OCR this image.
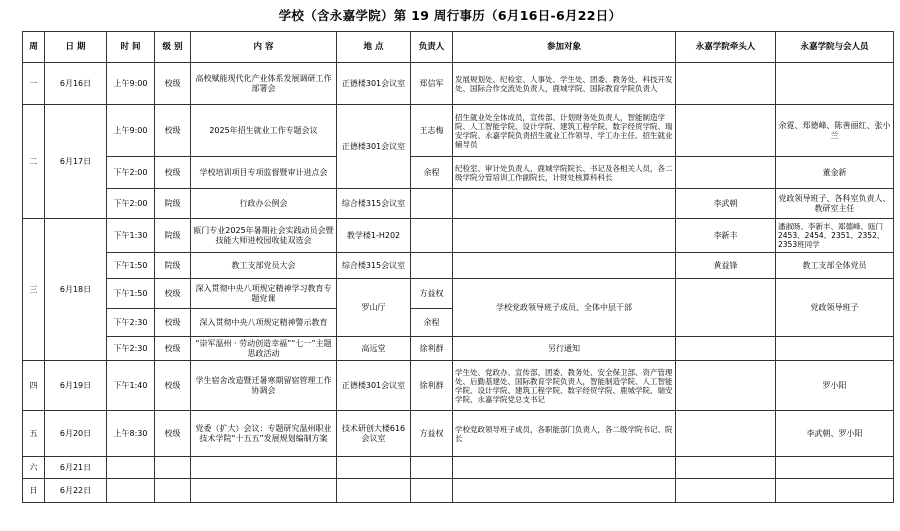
学校（含永嘉学院）第 19 周行事历（6月16日-6月22日）
周	日 期	时 间	级 别	内 容	地 点	负责人	参加对象	永嘉学院牵头人	永嘉学院与会人员
一	6月16日	上午9:00	校级	高校赋能现代化产业体系发展调研工作部署会	正德楼301会议室	郑信军	发展规划处、纪检室、人事处、学生处、团委、教务处、科技开发处、国际合作交流处负责人，鹿城学院、国际教育学院负责人		
二	6月17日	上午9:00	校级	2025年招生就业工作专题会议	正德楼301会议室	王志梅	招生就业处全体成员，宣传部、计划财务处负责人，智能制造学院、人工智能学院、设计学院、建筑工程学院、数字经贸学院、瑞安学院、永嘉学院负责招生就业工作领导、学工办主任、招生就业辅导员		余霓、郑德峰、陈善丽红、张小兰
		下午2:00	校级	学校培训项目专项监督暨审计进点会		余程	纪检室、审计处负责人，鹿城学院院长、书记及各相关人员，各二级学院分管培训工作副院长，计财处核算科科长		董金新
		下午2:00	院级	行政办公例会	综合楼315会议室			李武朝	党政领导班子、各科室负责人、教研室主任
三	6月18日	下午1:30	院级	瓯门专业2025年暑期社会实践动员会暨技能大师进校园收徒双选会	教学楼1-H202			李新丰	潘淑旸、李新丰、郑德峰、瓯门2453、2454、2351、2352、2353班同学
		下午1:50	院级	教工支部党员大会	综合楼315会议室			黄益锋	教工支部全体党员
		下午1:50	校级	深入贯彻中央八项规定精神学习教育专题党课	罗山厅	方益权	学校党政领导班子成员、全体中层干部		党政领导班子
		下午2:30	校级	深入贯彻中央八项规定精神警示教育		余程			
		下午2:30	校级	“崇军温州 · 劳动创造幸福”“七一”主题思政活动	高远堂	徐利群	另行通知		
四	6月19日	下午1:40	校级	学生宿舍改造暨迁暑寒期留宿管理工作协调会	正德楼301会议室	徐利群	学生处、党政办、宣传部、团委、教务处、安全保卫部、资产管理处、后勤基建处、国际教育学院负责人，智能制造学院、人工智能学院、设计学院、建筑工程学院、数字经贸学院、鹿城学院、瑞安学院、永嘉学院党总支书记		罗小阳
五	6月20日	上午8:30	校级	党委（扩大）会议：专题研究温州职业技术学院“十五五”发展规划编制方案	技术研创大楼616会议室	方益权	学校党政领导班子成员，各职能部门负责人，各二级学院书记、院长		李武朝、罗小阳
六	6月21日								
日	6月22日								
